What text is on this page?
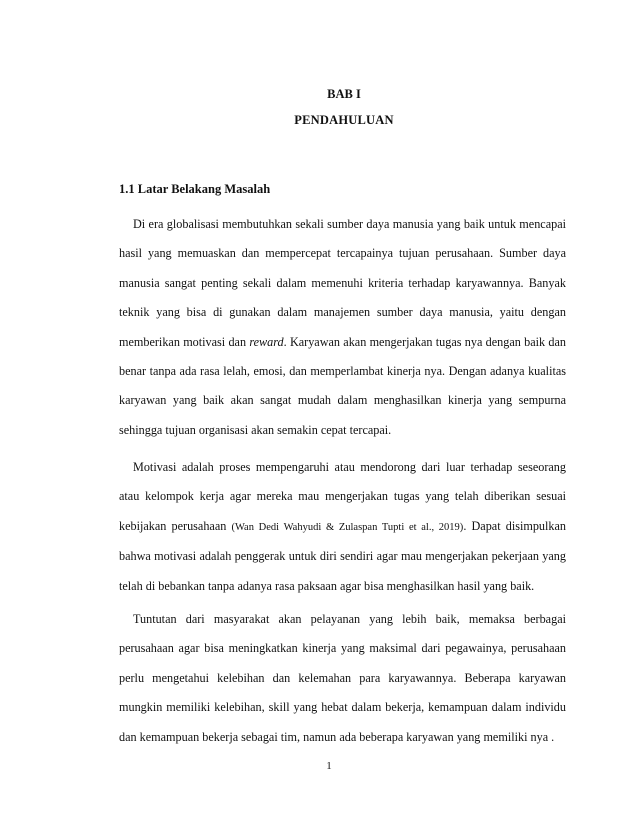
BAB I
PENDAHULUAN
1.1 Latar Belakang Masalah

Di era globalisasi membutuhkan sekali sumber daya manusia yang baik untuk mencapai hasil yang memuaskan dan mempercepat tercapainya tujuan perusahaan. Sumber daya manusia sangat penting sekali dalam memenuhi kriteria terhadap karyawannya. Banyak teknik yang bisa di gunakan dalam manajemen sumber daya manusia, yaitu dengan memberikan motivasi dan reward. Karyawan akan mengerjakan tugas nya dengan baik dan benar tanpa ada rasa lelah, emosi, dan memperlambat kinerja nya. Dengan adanya kualitas karyawan yang baik akan sangat mudah dalam menghasilkan kinerja yang sempurna sehingga tujuan organisasi akan semakin cepat tercapai.

Motivasi adalah proses mempengaruhi atau mendorong dari luar terhadap seseorang atau kelompok kerja agar mereka mau mengerjakan tugas yang telah diberikan sesuai kebijakan perusahaan (Wan Dedi Wahyudi & Zulaspan Tupti et al., 2019). Dapat disimpulkan bahwa motivasi adalah penggerak untuk diri sendiri agar mau mengerjakan pekerjaan yang telah di bebankan tanpa adanya rasa paksaan agar bisa menghasilkan hasil yang baik.

Tuntutan dari masyarakat akan pelayanan yang lebih baik, memaksa berbagai perusahaan agar bisa meningkatkan kinerja yang maksimal dari pegawainya, perusahaan perlu mengetahui kelebihan dan kelemahan para karyawannya. Beberapa karyawan mungkin memiliki kelebihan, skill yang hebat dalam bekerja, kemampuan dalam individu dan kemampuan bekerja sebagai tim, namun ada beberapa karyawan yang memiliki nya .

1
